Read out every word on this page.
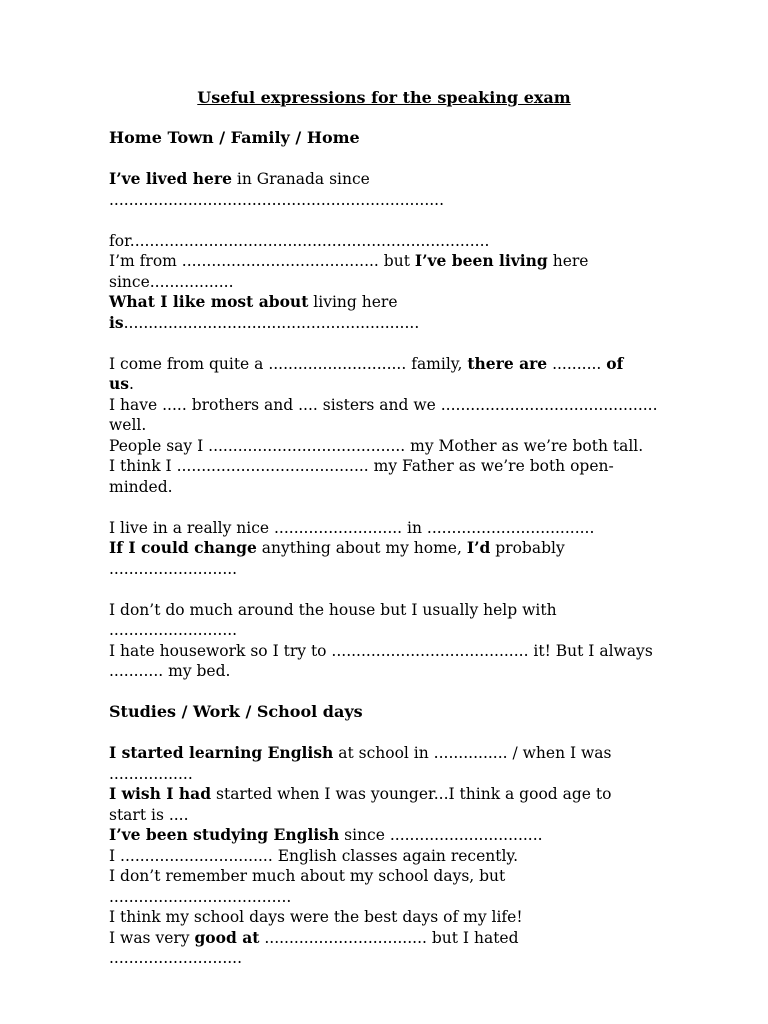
Useful expressions for the speaking exam
Home Town / Family / Home
I’ve lived here in Granada since
....................................................................
for.........................................................................
I’m from ........................................ but I’ve been living here
since.................
What I like most about living here
is............................................................
I come from quite a ............................ family, there are .......... of
us.
I have ..... brothers and .... sisters and we ............................................
well.
People say I ........................................ my Mother as we’re both tall.
I think I ....................................... my Father as we’re both open-
minded.
I live in a really nice .......................... in ..................................
If I could change anything about my home, I’d probably
..........................
I don’t do much around the house but I usually help with
..........................
I hate housework so I try to ........................................ it! But I always
........... my bed.
Studies / Work / School days
I started learning English at school in ............... / when I was
.................
I wish I had started when I was younger...I think a good age to
start is ....
I’ve been studying English since ...............................
I ............................... English classes again recently.
I don’t remember much about my school days, but
.....................................
I think my school days were the best days of my life!
I was very good at ................................. but I hated
...........................
